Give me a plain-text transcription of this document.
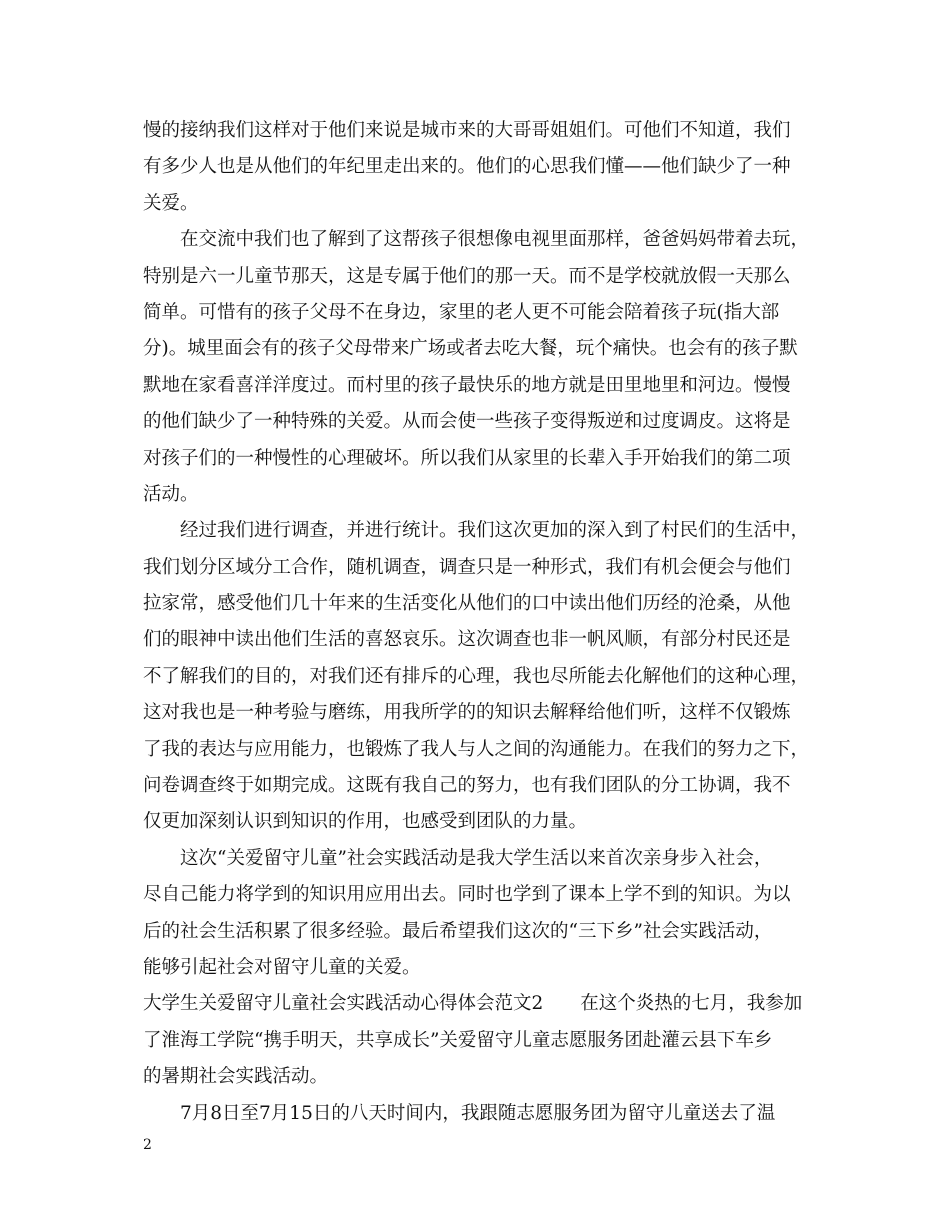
慢的接纳我们这样对于他们来说是城市来的大哥哥姐姐们。可他们不知道，我们
有多少人也是从他们的年纪里走出来的。他们的心思我们懂——他们缺少了一种
关爱。
在交流中我们也了解到了这帮孩子很想像电视里面那样，爸爸妈妈带着去玩，
特别是六一儿童节那天，这是专属于他们的那一天。而不是学校就放假一天那么
简单。可惜有的孩子父母不在身边，家里的老人更不可能会陪着孩子玩(指大部
分)。城里面会有的孩子父母带来广场或者去吃大餐，玩个痛快。也会有的孩子默
默地在家看喜洋洋度过。而村里的孩子最快乐的地方就是田里地里和河边。慢慢
的他们缺少了一种特殊的关爱。从而会使一些孩子变得叛逆和过度调皮。这将是
对孩子们的一种慢性的心理破坏。所以我们从家里的长辈入手开始我们的第二项
活动。
经过我们进行调查，并进行统计。我们这次更加的深入到了村民们的生活中，
我们划分区域分工合作，随机调查，调查只是一种形式，我们有机会便会与他们
拉家常，感受他们几十年来的生活变化从他们的口中读出他们历经的沧桑，从他
们的眼神中读出他们生活的喜怒哀乐。这次调查也非一帆风顺，有部分村民还是
不了解我们的目的，对我们还有排斥的心理，我也尽所能去化解他们的这种心理，
这对我也是一种考验与磨练，用我所学的的知识去解释给他们听，这样不仅锻炼
了我的表达与应用能力，也锻炼了我人与人之间的沟通能力。在我们的努力之下，
问卷调查终于如期完成。这既有我自己的努力，也有我们团队的分工协调，我不
仅更加深刻认识到知识的作用，也感受到团队的力量。
这次“关爱留守儿童”社会实践活动是我大学生活以来首次亲身步入社会，
尽自己能力将学到的知识用应用出去。同时也学到了课本上学不到的知识。为以
后的社会生活积累了很多经验。最后希望我们这次的“三下乡”社会实践活动，
能够引起社会对留守儿童的关爱。
大学生关爱留守儿童社会实践活动心得体会范文2　　在这个炎热的七月，我参加
了淮海工学院“携手明天，共享成长”关爱留守儿童志愿服务团赴灌云县下车乡
的暑期社会实践活动。
7月8日至7月15日的八天时间内，我跟随志愿服务团为留守儿童送去了温
2
